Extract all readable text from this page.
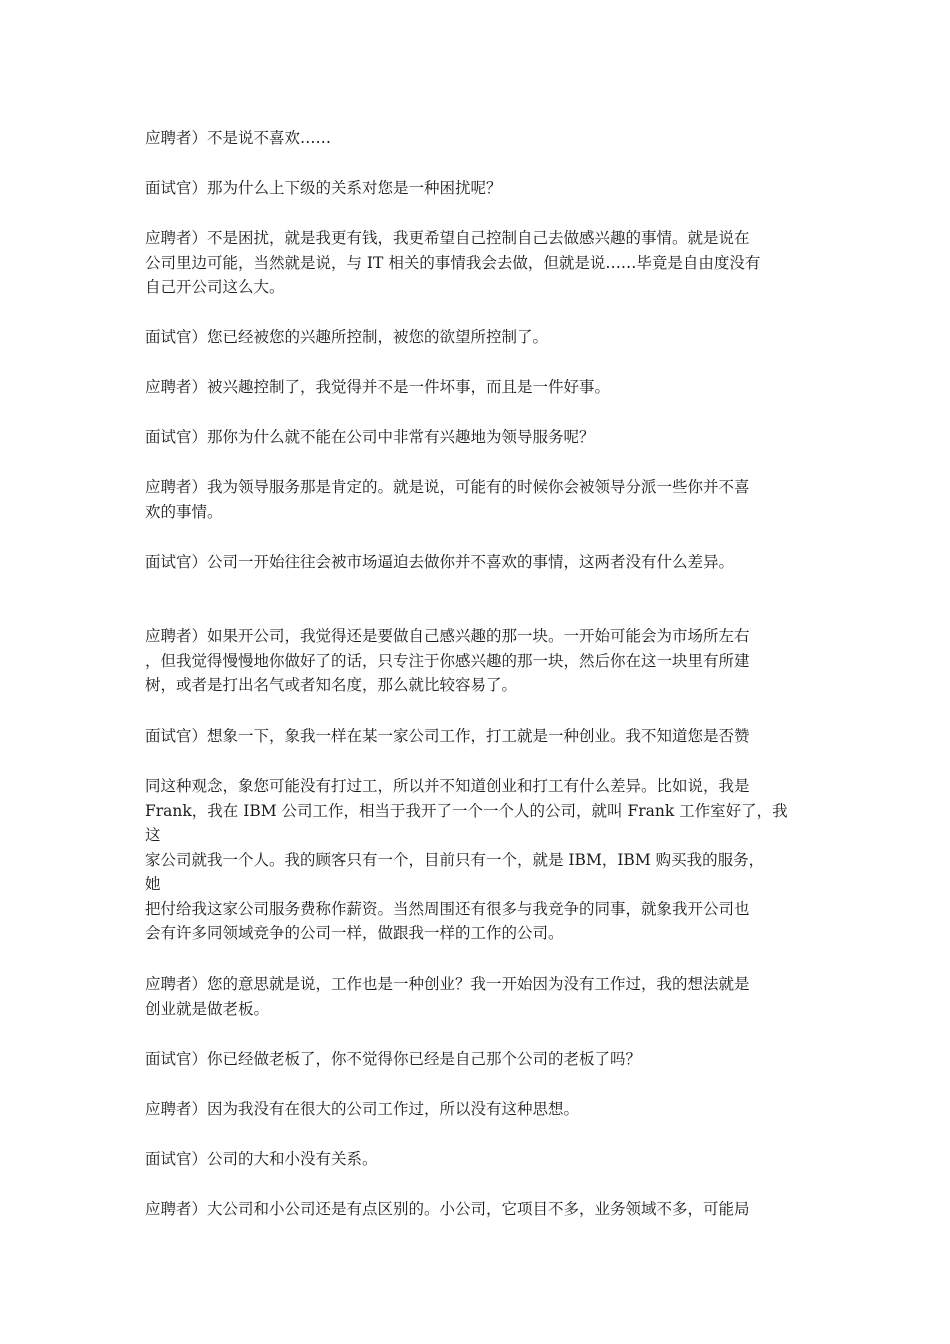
应聘者）不是说不喜欢……

面试官）那为什么上下级的关系对您是一种困扰呢？

应聘者）不是困扰，就是我更有钱，我更希望自己控制自己去做感兴趣的事情。就是说在
公司里边可能，当然就是说，与 IT 相关的事情我会去做，但就是说……毕竟是自由度没有
自己开公司这么大。

面试官）您已经被您的兴趣所控制，被您的欲望所控制了。

应聘者）被兴趣控制了，我觉得并不是一件坏事，而且是一件好事。

面试官）那你为什么就不能在公司中非常有兴趣地为领导服务呢？

应聘者）我为领导服务那是肯定的。就是说，可能有的时候你会被领导分派一些你并不喜
欢的事情。

面试官）公司一开始往往会被市场逼迫去做你并不喜欢的事情，这两者没有什么差异。

应聘者）如果开公司，我觉得还是要做自己感兴趣的那一块。一开始可能会为市场所左右
，但我觉得慢慢地你做好了的话，只专注于你感兴趣的那一块，然后你在这一块里有所建
树，或者是打出名气或者知名度，那么就比较容易了。

面试官）想象一下，象我一样在某一家公司工作，打工就是一种创业。我不知道您是否赞

同这种观念，象您可能没有打过工，所以并不知道创业和打工有什么差异。比如说，我是
Frank，我在 IBM 公司工作，相当于我开了一个一个人的公司，就叫 Frank 工作室好了，我
这
家公司就我一个人。我的顾客只有一个，目前只有一个，就是 IBM，IBM 购买我的服务，
她
把付给我这家公司服务费称作薪资。当然周围还有很多与我竞争的同事，就象我开公司也
会有许多同领域竞争的公司一样，做跟我一样的工作的公司。

应聘者）您的意思就是说，工作也是一种创业？我一开始因为没有工作过，我的想法就是
创业就是做老板。

面试官）你已经做老板了，你不觉得你已经是自己那个公司的老板了吗？

应聘者）因为我没有在很大的公司工作过，所以没有这种思想。

面试官）公司的大和小没有关系。

应聘者）大公司和小公司还是有点区别的。小公司，它项目不多，业务领域不多，可能局
